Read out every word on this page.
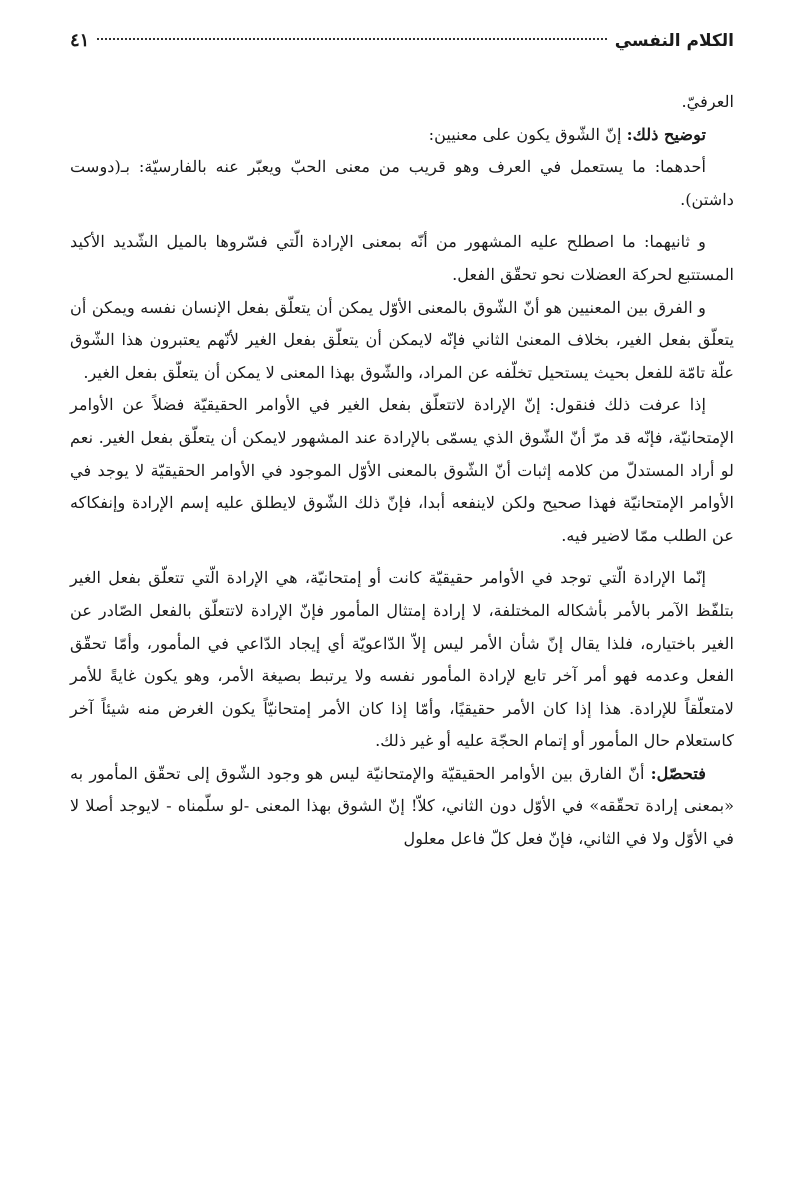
الكلام النفسي
٤١

العرفيّ.

توضيح ذلك: إنّ الشّوق يكون على معنيين:

أحدهما: ما يستعمل في العرف وهو قريب من معنى الحبّ ويعبّر عنه بالفارسيّة: بـ(دوست داشتن).

و ثانيهما: ما اصطلح عليه المشهور من أنّه بمعنى الإرادة الّتي فسّروها بالميل الشّديد الأكيد المستتبع لحركة العضلات نحو تحقّق الفعل.

و الفرق بين المعنيين هو أنّ الشّوق بالمعنى الأوّل يمكن أن يتعلّق بفعل الإنسان نفسه ويمكن أن يتعلّق بفعل الغير، بخلاف المعنىٰ الثاني فإنّه لايمكن أن يتعلّق بفعل الغير لأنّهم يعتبرون هذا الشّوق علّة تامّة للفعل بحيث يستحيل تخلّفه عن المراد، والشّوق بهذا المعنى لا يمكن أن يتعلّق بفعل الغير.

إذا عرفت ذلك فنقول: إنّ الإرادة لاتتعلّق بفعل الغير في الأوامر الحقيقيّة فضلاً عن الأوامر الإمتحانيّة، فإنّه قد مرّ أنّ الشّوق الذي يسمّى بالإرادة عند المشهور لايمكن أن يتعلّق بفعل الغير. نعم لو أراد المستدلّ من كلامه إثبات أنّ الشّوق بالمعنى الأوّل الموجود في الأوامر الحقيقيّة لا يوجد في الأوامر الإمتحانيّة فهذا صحيح ولكن لاينفعه أبدا، فإنّ ذلك الشّوق لايطلق عليه إسم الإرادة وإنفكاكه عن الطلب ممّا لاضير فيه.

إنّما الإرادة الّتي توجد في الأوامر حقيقيّة كانت أو إمتحانيّة، هي الإرادة الّتي تتعلّق بفعل الغير بتلفّظ الآمر بالأمر بأشكاله المختلفة، لا إرادة إمتثال المأمور فإنّ الإرادة لاتتعلّق بالفعل الصّادر عن الغير باختياره، فلذا يقال إنّ شأن الأمر ليس إلاّ الدّاعويّة أي إيجاد الدّاعي في المأمور، وأمّا تحقّق الفعل وعدمه فهو أمر آخر تابع لإرادة المأمور نفسه ولا يرتبط بصيغة الأمر، وهو يكون غايةً للأمر لامتعلّقاً للإرادة. هذا إذا كان الأمر حقيقيًا، وأمّا إذا كان الأمر إمتحانيّاً يكون الغرض منه شيئاً آخر كاستعلام حال المأمور أو إتمام الحجّة عليه أو غير ذلك.

فتحصّل: أنّ الفارق بين الأوامر الحقيقيّة والإمتحانيّة ليس هو وجود الشّوق إلى تحقّق المأمور به «بمعنى إرادة تحقّقه» في الأوّل دون الثاني، كلاّ! إنّ الشوق بهذا المعنى -لو سلّمناه - لايوجد أصلا لا في الأوّل ولا في الثاني، فإنّ فعل كلّ فاعل معلول
